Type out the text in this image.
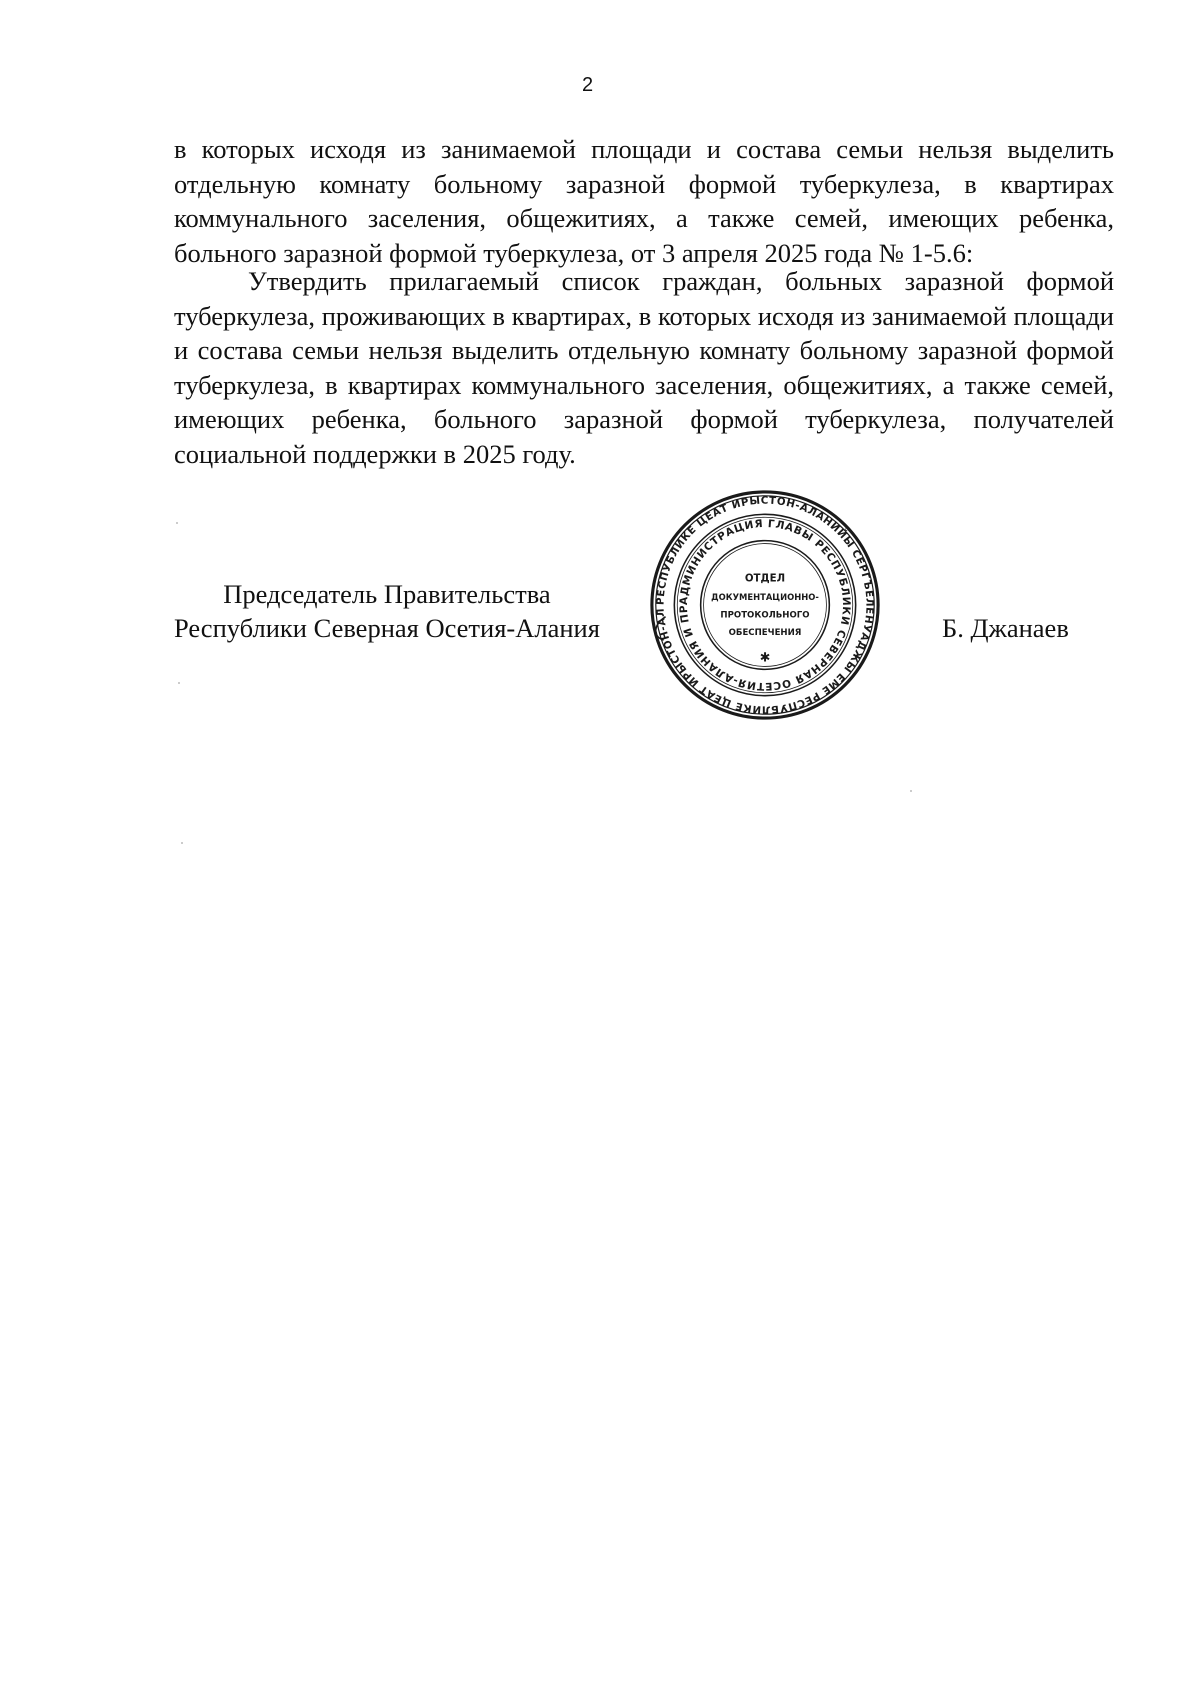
2

в которых исходя из занимаемой площади и состава семьи нельзя выделить отдельную комнату больному заразной формой туберкулеза, в квартирах коммунального заселения, общежитиях, а также семей, имеющих ребенка, больного заразной формой туберкулеза, от 3 апреля 2025 года № 1-5.6:

Утвердить прилагаемый список граждан, больных заразной формой туберкулеза, проживающих в квартирах, в которых исходя из занимаемой площади и состава семьи нельзя выделить отдельную комнату больному заразной формой туберкулеза, в квартирах коммунального заселения, общежитиях, а также семей, имеющих ребенка, больного заразной формой туберкулеза, получателей социальной поддержки в 2025 году.

Председатель Правительства
Республики Северная Осетия-Алания	Б. Джанаев
РЕСПУБЛИКЕ ЦЕАТ ИРЫСТОН-АЛАНИЙЫ СЕРГЪЕЛЕНУАДЖЫ ЕМЕ РЕСПУБЛИКЕ ЦЕАТ ИРЫСТОН-АЛ
АДМИНИСТРАЦИЯ ГЛАВЫ РЕСПУБЛИКИ СЕВЕРНАЯ ОСЕТИЯ-АЛАНИЯ И ПР
ОТДЕЛ
ДОКУМЕНТАЦИОННО-
ПРОТОКОЛЬНОГО
ОБЕСПЕЧЕНИЯ
✱
